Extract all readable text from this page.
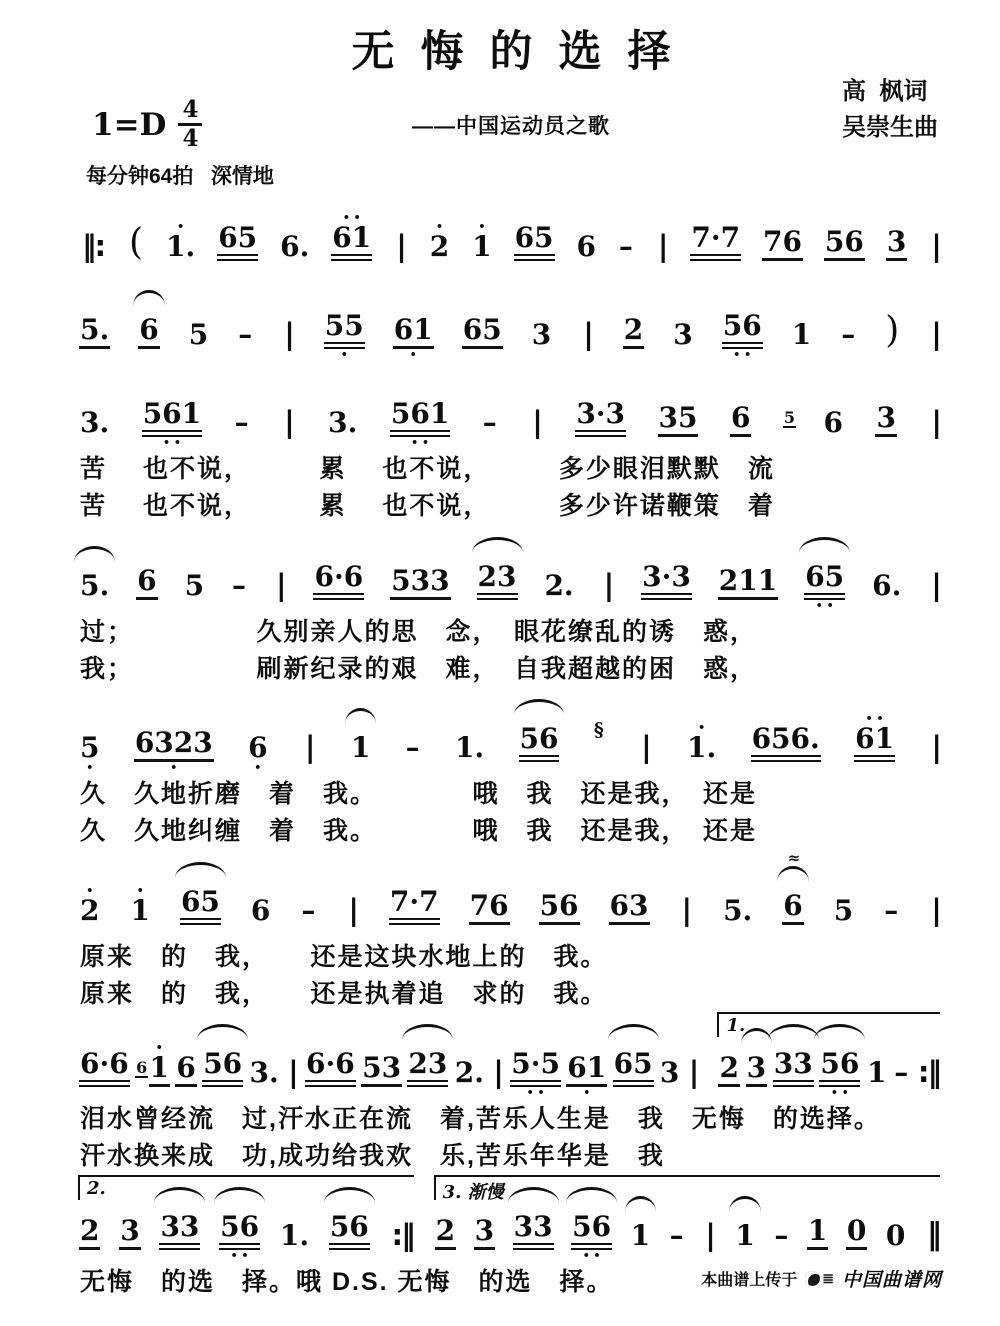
无悔的选择
高  枫词
吴崇生曲
$1=D \frac{4}{4}$	——中国运动员之歌
每分钟64拍   深情地

‖:

(
	•
1.

65

6.

• •
61

|

•
2

•
1

65

6

–

|

7·7

76

56

3

|

5.

6

5

–

|

55
•

61
•

65

3

|

2

3

56
• •

1

–

)

|

3.

561
• •

–

|

3.

561
• •

–

|

3·3

35

6

5

6

3

|

苦　 也不说，　　　累　 也不说，　　　多少眼泪默默　流
苦　 也不说，　　　累　 也不说，　　　多少许诺鞭策　着

5.

6

5

–

|

6·6

533

23

2.

|

3·3

211

65
• •

6.

|

过；　　　　　久别亲人的思　念，　眼花缭乱的诱　惑，
我；　　　　　刷新纪录的艰　难，　自我超越的困　惑，

5
•

6323
•

6
•

|

1

–

1.

56

§

|

•
1.

656.

• •
61

|

久　久地折磨　着　我。　　　　哦　我　还是我，　还是
久　久地纠缠　着　我。　　　　哦　我　还是我，　还是
•
2

•
1

65

6

–

|

7·7

76

56

63

|

5.

≈

6

5

–

|

原来　的　我，　　还是这块水地上的　我。
原来　的　我，　　还是执着追　求的　我。

6·6

6

•
1

6

56

3.

|

6·6

53

23

2.

|

5·5
• •

61
•

65

3

|

1.

2

3

33

56
• •

1

–

:‖

泪水曾经流　过,汗水正在流　着,苦乐人生是　我　无悔　的选择。
汗水换来成　功,成功给我欢　乐,苦乐年华是　我
2.

2

3

33

56
• •

1.

56

:‖

3. 渐慢

2

3

33

56
• •

1

–

|

1

–

1

0

0

‖

无悔　的选　择。哦 D.S. 无悔　的选　择。	本曲谱上传于 ≣ 中国曲谱网
